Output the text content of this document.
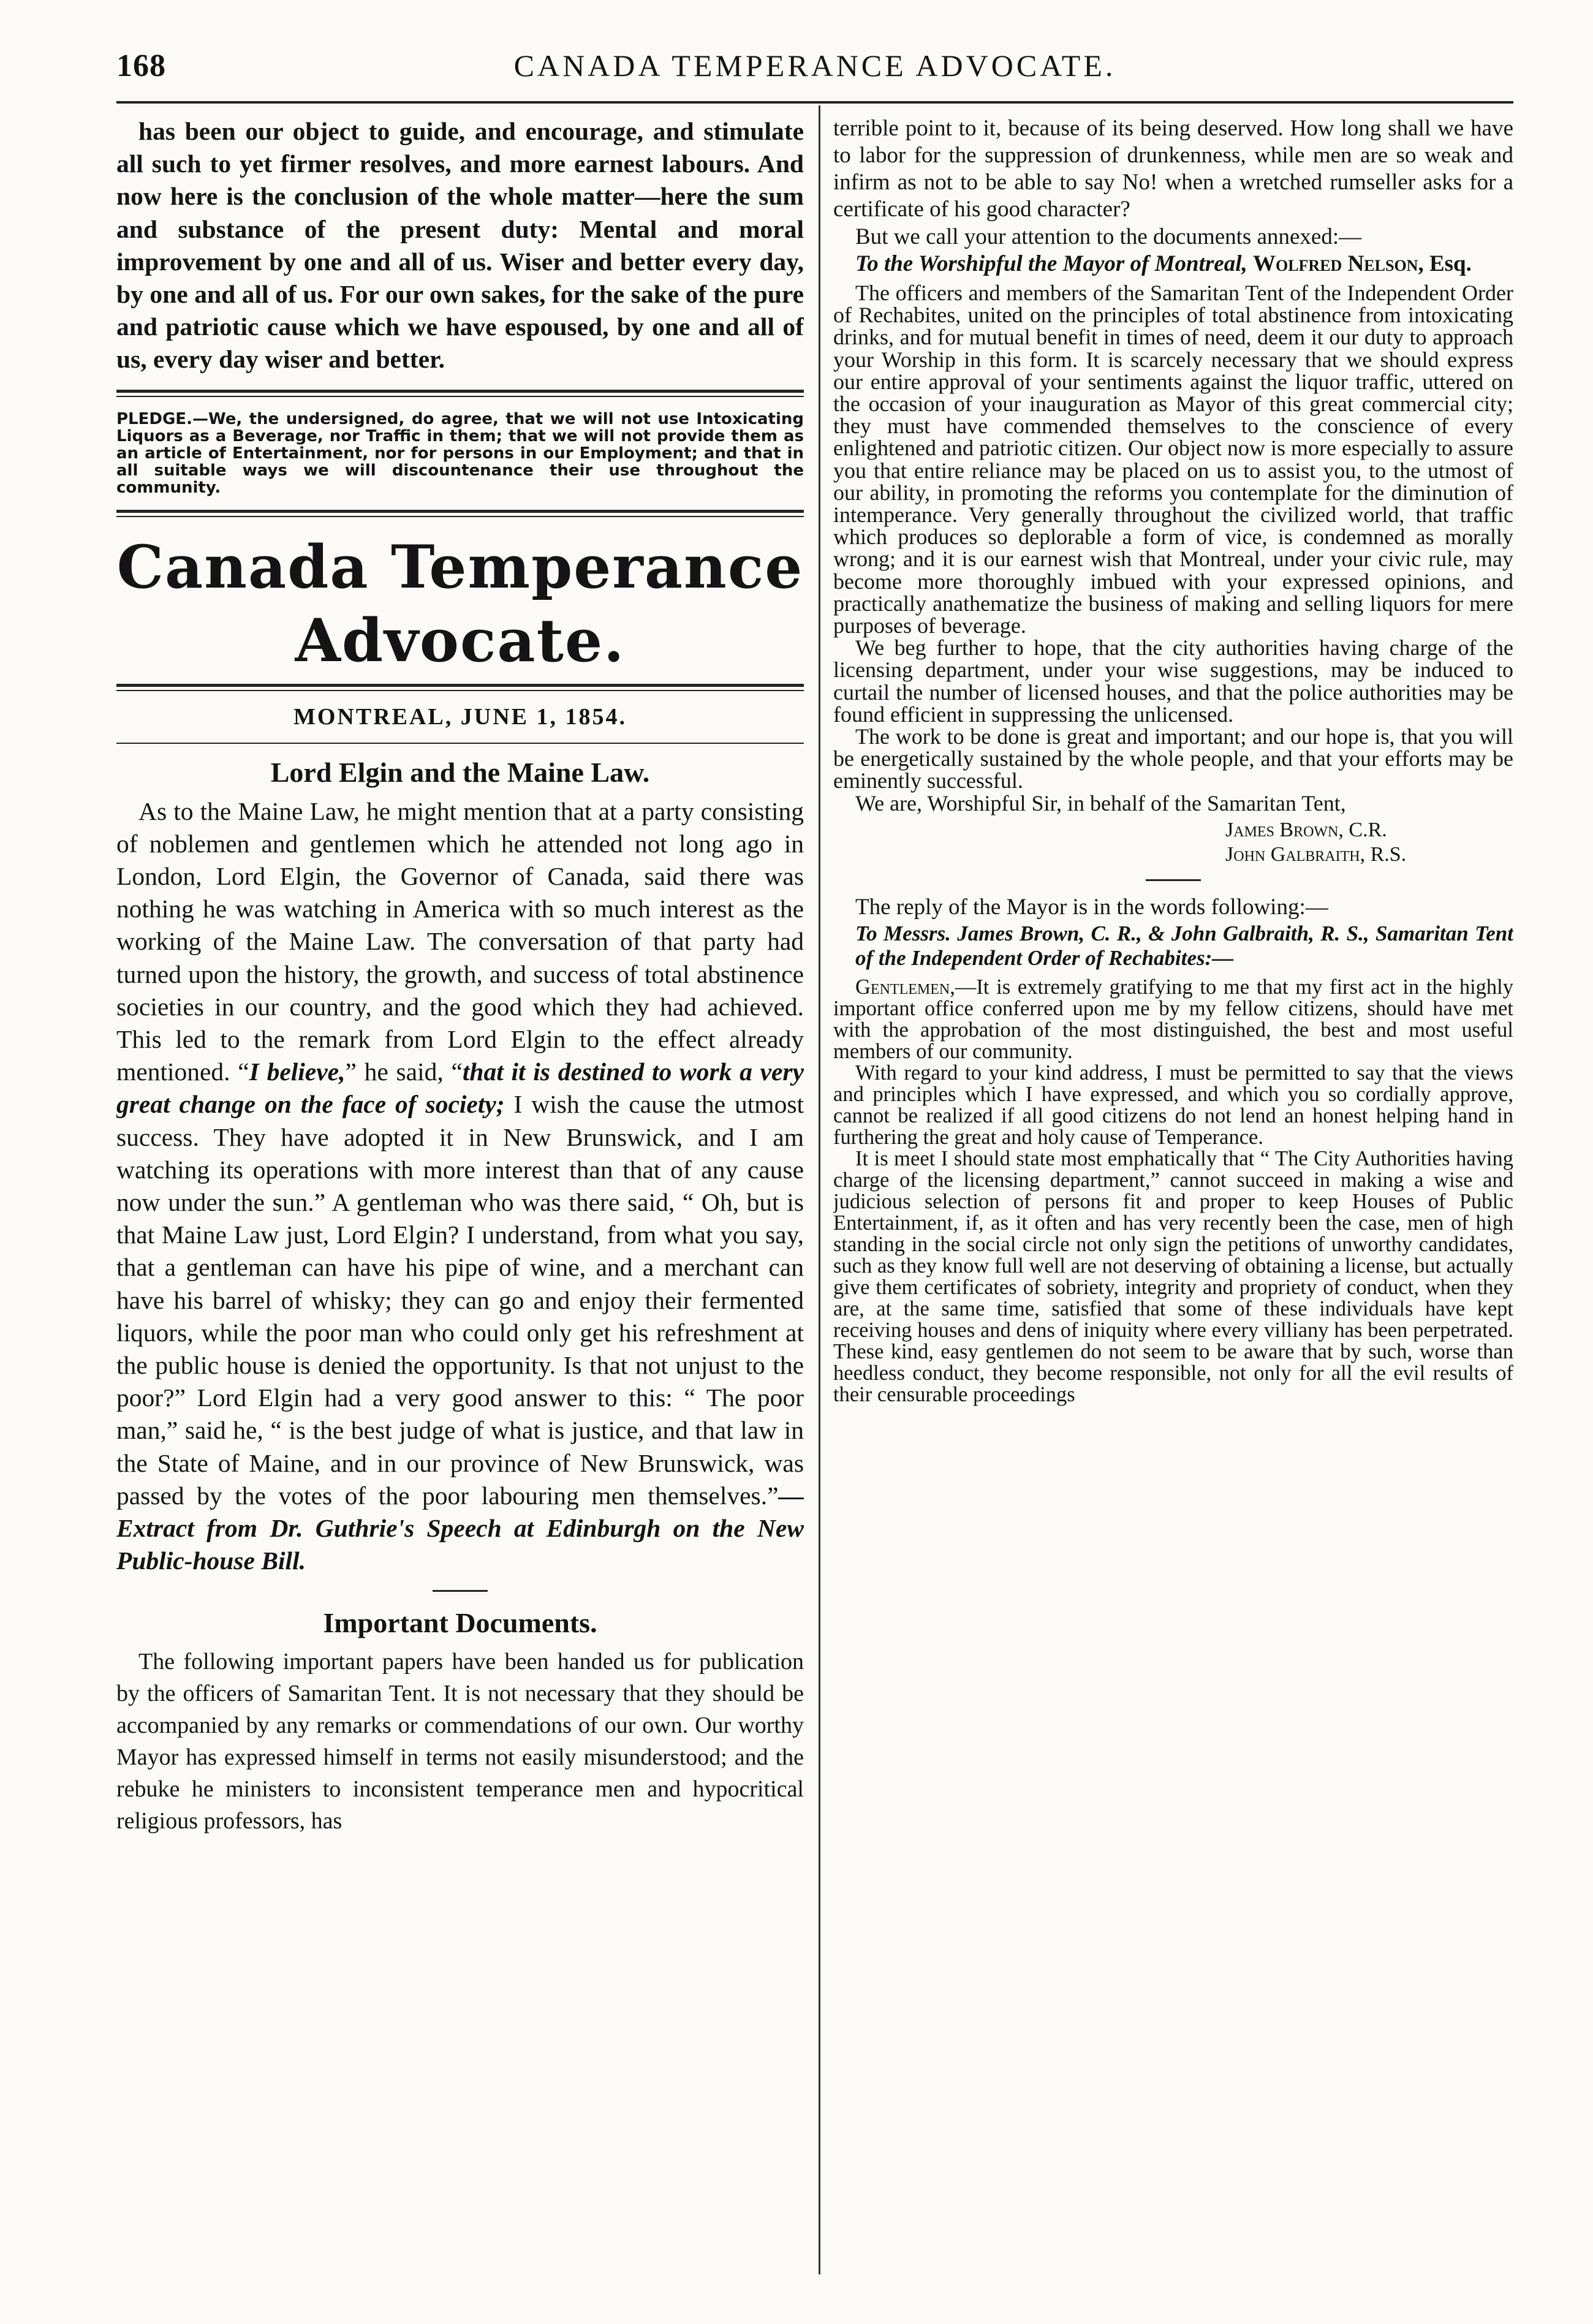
168	CANADA TEMPERANCE ADVOCATE.

has been our object to guide, and encourage, and stimulate all such to yet firmer resolves, and more earnest labours. And now here is the conclusion of the whole matter—here the sum and substance of the present duty: Mental and moral improvement by one and all of us. Wiser and better every day, by one and all of us. For our own sakes, for the sake of the pure and patriotic cause which we have espoused, by one and all of us, every day wiser and better.

PLEDGE.—We, the undersigned, do agree, that we will not use Intoxicating Liquors as a Beverage, nor Traffic in them; that we will not provide them as an article of Entertainment, nor for persons in our Employment; and that in all suitable ways we will discountenance their use throughout the community.

Canada Temperance Advocate.
MONTREAL, JUNE 1, 1854.
Lord Elgin and the Maine Law.

As to the Maine Law, he might mention that at a party consisting of noblemen and gentlemen which he attended not long ago in London, Lord Elgin, the Governor of Canada, said there was nothing he was watching in America with so much interest as the working of the Maine Law. The conversation of that party had turned upon the history, the growth, and success of total abstinence societies in our country, and the good which they had achieved. This led to the remark from Lord Elgin to the effect already mentioned. “I believe,” he said, “that it is destined to work a very great change on the face of society; I wish the cause the utmost success. They have adopted it in New Brunswick, and I am watching its operations with more interest than that of any cause now under the sun.” A gentleman who was there said, “ Oh, but is that Maine Law just, Lord Elgin? I understand, from what you say, that a gentleman can have his pipe of wine, and a merchant can have his barrel of whisky; they can go and enjoy their fermented liquors, while the poor man who could only get his refreshment at the public house is denied the opportunity. Is that not unjust to the poor?” Lord Elgin had a very good answer to this: “ The poor man,” said he, “ is the best judge of what is justice, and that law in the State of Maine, and in our province of New Brunswick, was passed by the votes of the poor labouring men themselves.”—Extract from Dr. Guthrie's Speech at Edinburgh on the New Public-house Bill.

Important Documents.

The following important papers have been handed us for publication by the officers of Samaritan Tent. It is not necessary that they should be accompanied by any remarks or commendations of our own. Our worthy Mayor has expressed himself in terms not easily misunderstood; and the rebuke he ministers to inconsistent temperance men and hypocritical religious professors, has

terrible point to it, because of its being deserved. How long shall we have to labor for the suppression of drunkenness, while men are so weak and infirm as not to be able to say No! when a wretched rumseller asks for a certificate of his good character?

But we call your attention to the documents annexed:—

To the Worshipful the Mayor of Montreal, Wolfred Nelson, Esq.

The officers and members of the Samaritan Tent of the Independent Order of Rechabites, united on the principles of total abstinence from intoxicating drinks, and for mutual benefit in times of need, deem it our duty to approach your Worship in this form. It is scarcely necessary that we should express our entire approval of your sentiments against the liquor traffic, uttered on the occasion of your inauguration as Mayor of this great commercial city; they must have commended themselves to the conscience of every enlightened and patriotic citizen. Our object now is more especially to assure you that entire reliance may be placed on us to assist you, to the utmost of our ability, in promoting the reforms you contemplate for the diminution of intemperance. Very generally throughout the civilized world, that traffic which produces so deplorable a form of vice, is condemned as morally wrong; and it is our earnest wish that Montreal, under your civic rule, may become more thoroughly imbued with your expressed opinions, and practically anathematize the business of making and selling liquors for mere purposes of beverage.

We beg further to hope, that the city authorities having charge of the licensing department, under your wise suggestions, may be induced to curtail the number of licensed houses, and that the police authorities may be found efficient in suppressing the unlicensed.

The work to be done is great and important; and our hope is, that you will be energetically sustained by the whole people, and that your efforts may be eminently successful.

We are, Worshipful Sir, in behalf of the Samaritan Tent,

James Brown, C.R.
John Galbraith, R.S.

The reply of the Mayor is in the words following:—

To Messrs. James Brown, C. R., & John Galbraith, R. S., Samaritan Tent of the Independent Order of Rechabites:—

Gentlemen,—It is extremely gratifying to me that my first act in the highly important office conferred upon me by my fellow citizens, should have met with the approbation of the most distinguished, the best and most useful members of our community.

With regard to your kind address, I must be permitted to say that the views and principles which I have expressed, and which you so cordially approve, cannot be realized if all good citizens do not lend an honest helping hand in furthering the great and holy cause of Temperance.

It is meet I should state most emphatically that “ The City Authorities having charge of the licensing department,” cannot succeed in making a wise and judicious selection of persons fit and proper to keep Houses of Public Entertainment, if, as it often and has very recently been the case, men of high standing in the social circle not only sign the petitions of unworthy candidates, such as they know full well are not deserving of obtaining a license, but actually give them certificates of sobriety, integrity and propriety of conduct, when they are, at the same time, satisfied that some of these individuals have kept receiving houses and dens of iniquity where every villiany has been perpetrated. These kind, easy gentlemen do not seem to be aware that by such, worse than heedless conduct, they become responsible, not only for all the evil results of their censurable proceedings
